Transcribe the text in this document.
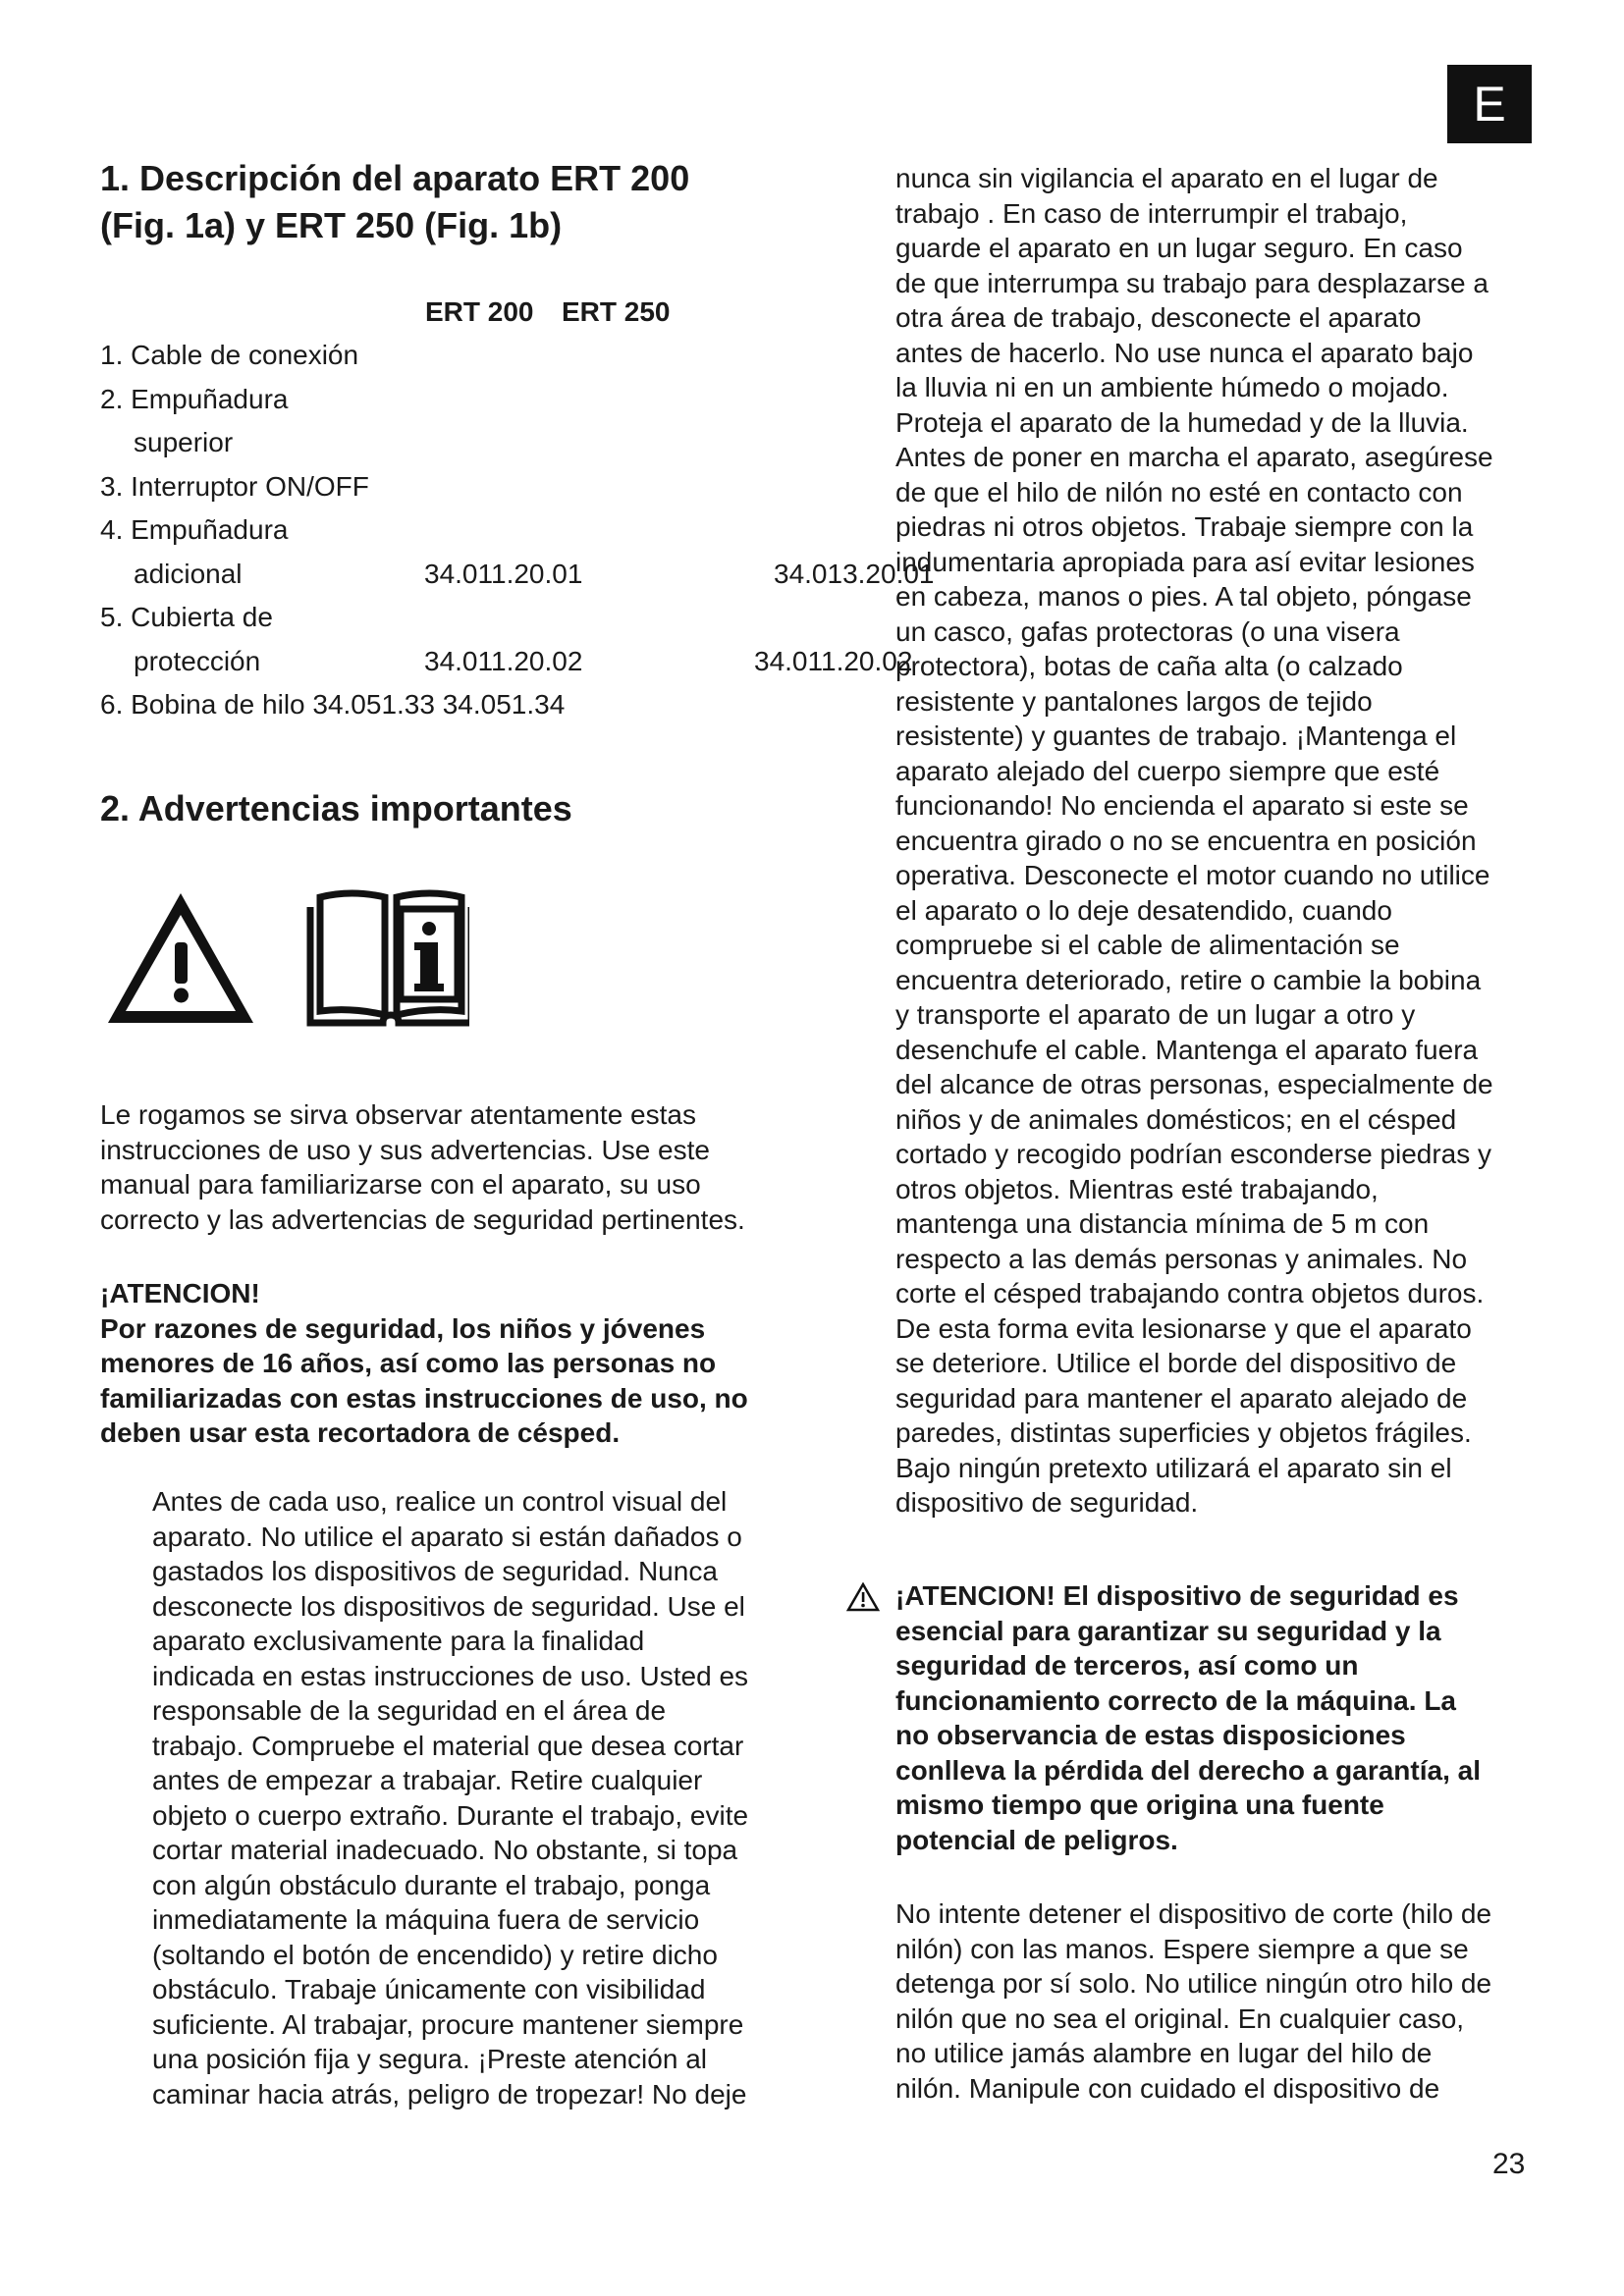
E
1. Descripción del aparato ERT 200
(Fig. 1a) y ERT 250 (Fig. 1b)
ERT 200 ERT 250
1. Cable de conexión
2. Empuñadura
superior
3. Interruptor ON/OFF
4. Empuñadura
adicional	34.011.20.01	34.013.20.01
5. Cubierta de
protección	34.011.20.02	34.011.20.02
6. Bobina de hilo 34.051.33 34.051.34
2. Advertencias importantes

Le rogamos se sirva observar atentamente estas

instrucciones de uso y sus advertencias. Use este

manual para familiarizarse con el aparato, su uso

correcto y las advertencias de seguridad pertinentes.

¡ATENCION!
Por razones de seguridad, los niños y jóvenes
menores de 16 años, así como las personas no
familiarizadas con estas instrucciones de uso, no
deben usar esta recortadora de césped.

Antes de cada uso, realice un control visual del

aparato. No utilice el aparato si están dañados o

gastados los dispositivos de seguridad. Nunca

desconecte los dispositivos de seguridad. Use el

aparato exclusivamente para la finalidad

indicada en estas instrucciones de uso. Usted es

responsable de la seguridad en el área de

trabajo. Compruebe el material que desea cortar

antes de empezar a trabajar. Retire cualquier

objeto o cuerpo extraño. Durante el trabajo, evite

cortar material inadecuado. No obstante, si topa

con algún obstáculo durante el trabajo, ponga

inmediatamente la máquina fuera de servicio

(soltando el botón de encendido) y retire dicho

obstáculo. Trabaje únicamente con visibilidad

suficiente. Al trabajar, procure mantener siempre

una posición fija y segura. ¡Preste atención al

caminar hacia atrás, peligro de tropezar! No deje

nunca sin vigilancia el aparato en el lugar de

trabajo . En caso de interrumpir el trabajo,

guarde el aparato en un lugar seguro. En caso

de que interrumpa su trabajo para desplazarse a

otra área de trabajo, desconecte el aparato

antes de hacerlo. No use nunca el aparato bajo

la lluvia ni en un ambiente húmedo o mojado.

Proteja el aparato de la humedad y de la lluvia.

Antes de poner en marcha el aparato, asegúrese

de que el hilo de nilón no esté en contacto con

piedras ni otros objetos. Trabaje siempre con la

indumentaria apropiada para así evitar lesiones

en cabeza, manos o pies. A tal objeto, póngase

un casco, gafas protectoras (o una visera

protectora), botas de caña alta (o calzado

resistente y pantalones largos de tejido

resistente) y guantes de trabajo. ¡Mantenga el

aparato alejado del cuerpo siempre que esté

funcionando! No encienda el aparato si este se

encuentra girado o no se encuentra en posición

operativa. Desconecte el motor cuando no utilice

el aparato o lo deje desatendido, cuando

compruebe si el cable de alimentación se

encuentra deteriorado, retire o cambie la bobina

y transporte el aparato de un lugar a otro y

desenchufe el cable. Mantenga el aparato fuera

del alcance de otras personas, especialmente de

niños y de animales domésticos; en el césped

cortado y recogido podrían esconderse piedras y

otros objetos. Mientras esté trabajando,

mantenga una distancia mínima de 5 m con

respecto a las demás personas y animales. No

corte el césped trabajando contra objetos duros.

De esta forma evita lesionarse y que el aparato

se deteriore. Utilice el borde del dispositivo de

seguridad para mantener el aparato alejado de

paredes, distintas superficies y objetos frágiles.

Bajo ningún pretexto utilizará el aparato sin el

dispositivo de seguridad.

¡ATENCION! El dispositivo de seguridad es
esencial para garantizar su seguridad y la
seguridad de terceros, así como un
funcionamiento correcto de la máquina. La
no observancia de estas disposiciones
conlleva la pérdida del derecho a garantía, al
mismo tiempo que origina una fuente
potencial de peligros.

No intente detener el dispositivo de corte (hilo de

nilón) con las manos. Espere siempre a que se

detenga por sí solo. No utilice ningún otro hilo de

nilón que no sea el original. En cualquier caso,

no utilice jamás alambre en lugar del hilo de

nilón. Manipule con cuidado el dispositivo de

23
